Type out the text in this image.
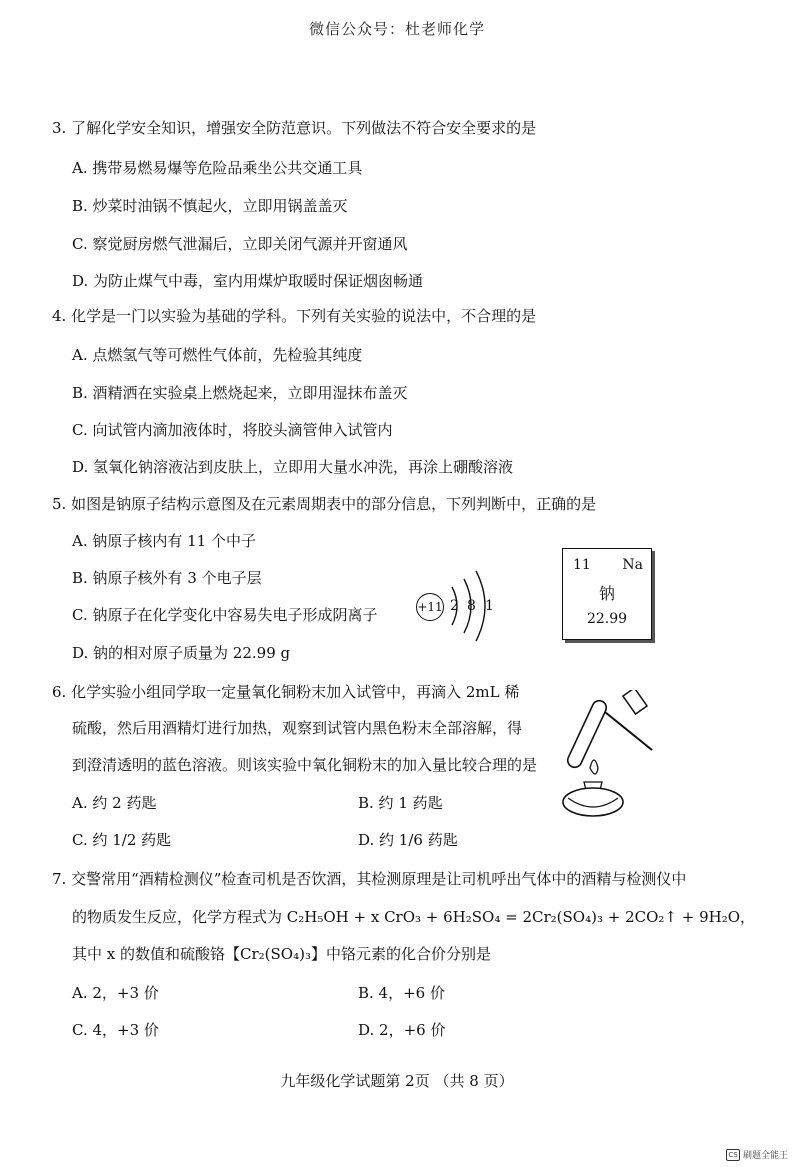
微信公众号：杜老师化学
3. 了解化学安全知识，增强安全防范意识。下列做法不符合安全要求的是
A. 携带易燃易爆等危险品乘坐公共交通工具
B. 炒菜时油锅不慎起火，立即用锅盖盖灭
C. 察觉厨房燃气泄漏后，立即关闭气源并开窗通风
D. 为防止煤气中毒，室内用煤炉取暖时保证烟囱畅通
4. 化学是一门以实验为基础的学科。下列有关实验的说法中，不合理的是
A. 点燃氢气等可燃性气体前，先检验其纯度
B. 酒精洒在实验桌上燃烧起来，立即用湿抹布盖灭
C. 向试管内滴加液体时，将胶头滴管伸入试管内
D. 氢氧化钠溶液沾到皮肤上，立即用大量水冲洗，再涂上硼酸溶液
5. 如图是钠原子结构示意图及在元素周期表中的部分信息，下列判断中，正确的是
A. 钠原子核内有 11 个中子
B. 钠原子核外有 3 个电子层
C. 钠原子在化学变化中容易失电子形成阴离子
D. 钠的相对原子质量为 22.99 g
+11 2 8 1
11 Na
钠
22.99
6. 化学实验小组同学取一定量氧化铜粉末加入试管中，再滴入 2mL 稀
硫酸，然后用酒精灯进行加热，观察到试管内黑色粉末全部溶解，得
到澄清透明的蓝色溶液。则该实验中氧化铜粉末的加入量比较合理的是
A. 约 2 药匙	B. 约 1 药匙
C. 约 1/2 药匙	D. 约 1/6 药匙
7. 交警常用“酒精检测仪”检查司机是否饮酒，其检测原理是让司机呼出气体中的酒精与检测仪中
的物质发生反应，化学方程式为 C₂H₅OH + x CrO₃ + 6H₂SO₄ = 2Cr₂(SO₄)₃ + 2CO₂↑ + 9H₂O，
其中 x 的数值和硫酸铬【Cr₂(SO₄)₃】中铬元素的化合价分别是
A. 2，+3 价	B. 4，+6 价
C. 4，+3 价	D. 2，+6 价
九年级化学试题第 2页 （共 8 页）
CS 刷题全能王
